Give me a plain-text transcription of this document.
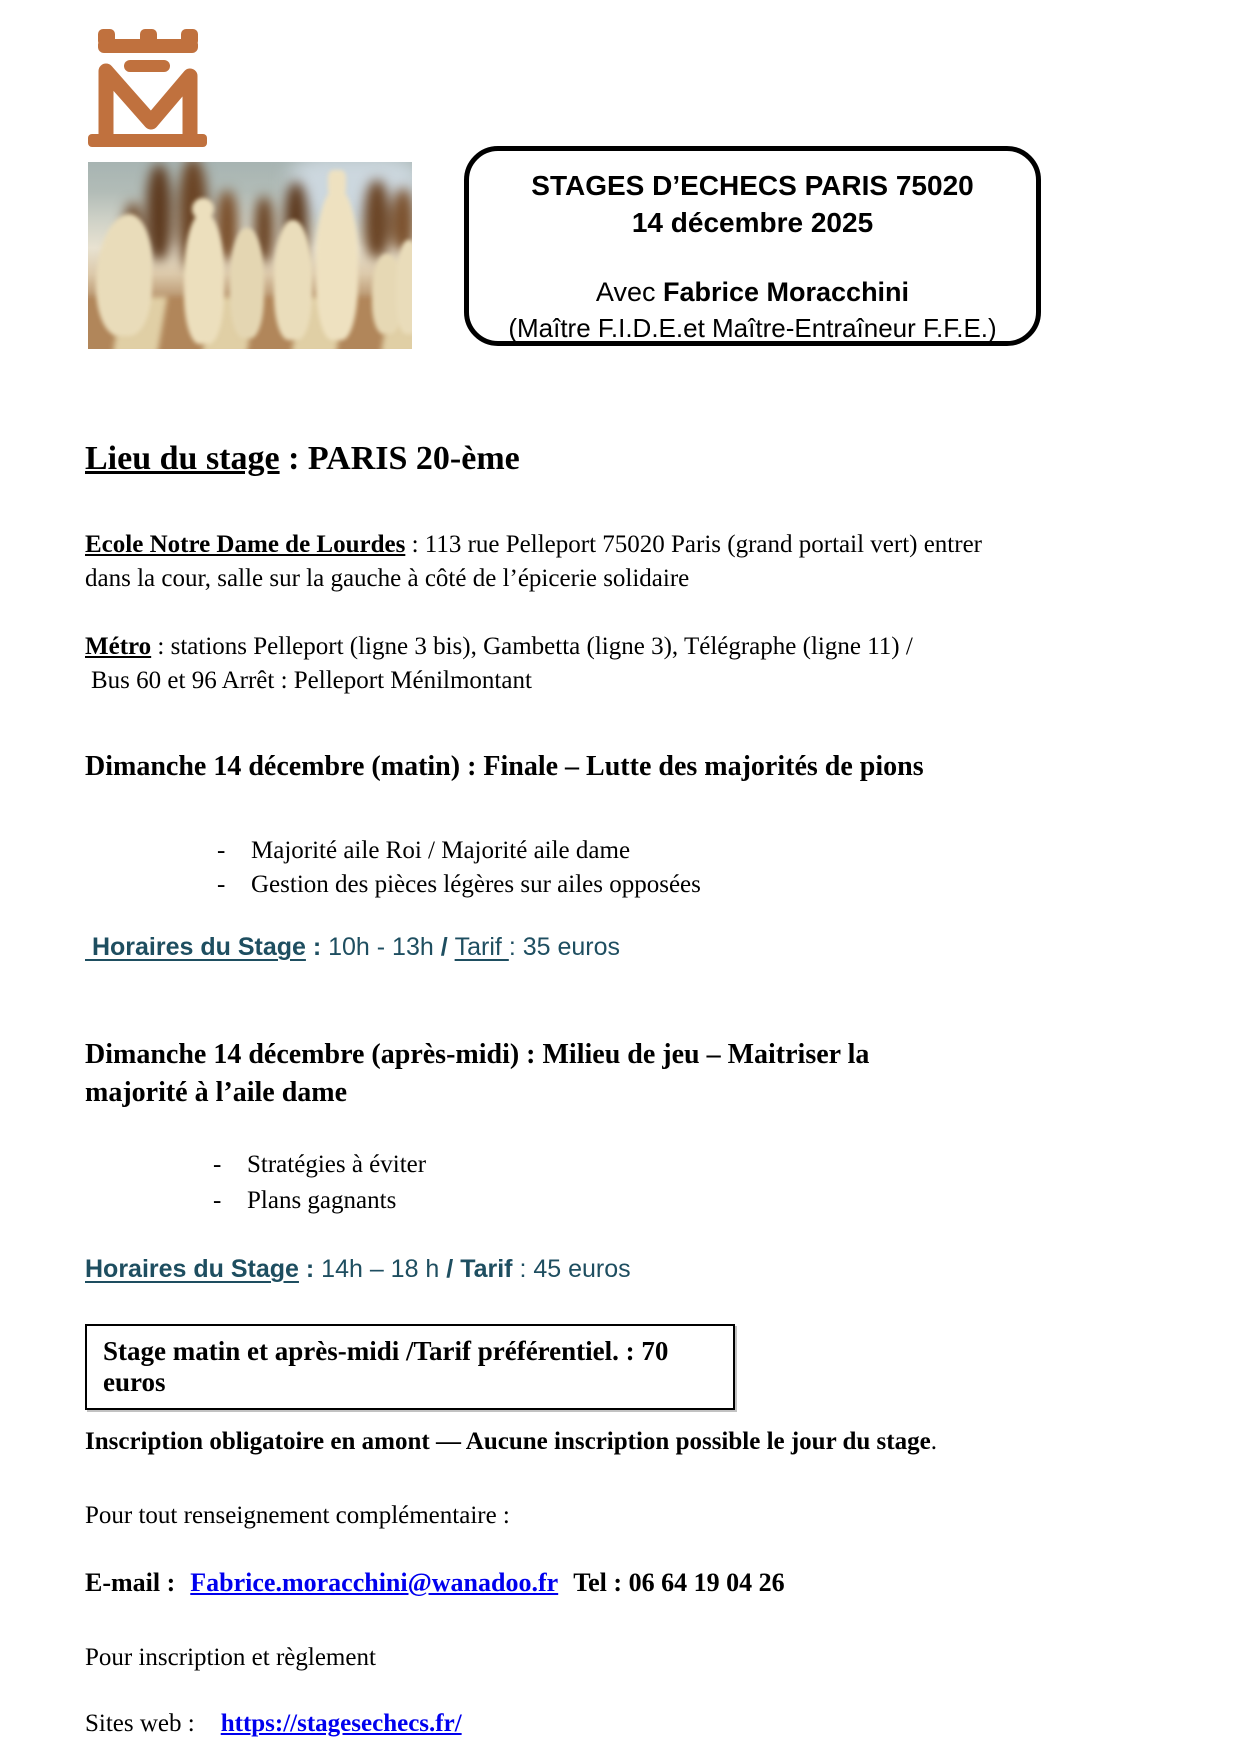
STAGES D’ECHECS PARIS 75020
14 décembre 2025
Avec Fabrice Moracchini
(Maître F.I.D.E.et Maître-Entraîneur F.F.E.)
Lieu du stage : PARIS 20-ème
Ecole Notre Dame de Lourdes : 113 rue Pelleport 75020 Paris (grand portail vert) entrer
dans la cour, salle sur la gauche à côté de l’épicerie solidaire
Métro : stations Pelleport (ligne 3 bis), Gambetta (ligne 3), Télégraphe (ligne 11) /
Bus 60 et 96 Arrêt : Pelleport Ménilmontant
Dimanche 14 décembre (matin) : Finale – Lutte des majorités de pions
-	Majorité aile Roi / Majorité aile dame
-	Gestion des pièces légères sur ailes opposées
Horaires du Stage : 10h - 13h / Tarif : 35 euros
Dimanche 14 décembre (après-midi) : Milieu de jeu – Maitriser la
majorité à l’aile dame
-	Stratégies à éviter
-	Plans gagnants
Horaires du Stage : 14h – 18 h / Tarif : 45 euros
Stage matin et après-midi /Tarif préférentiel. : 70 euros
Inscription obligatoire en amont — Aucune inscription possible le jour du stage.
Pour tout renseignement complémentaire :
E-mail : Fabrice.moracchini@wanadoo.fr Tel : 06 64 19 04 26
Pour inscription et règlement
Sites web : https://stagesechecs.fr/
